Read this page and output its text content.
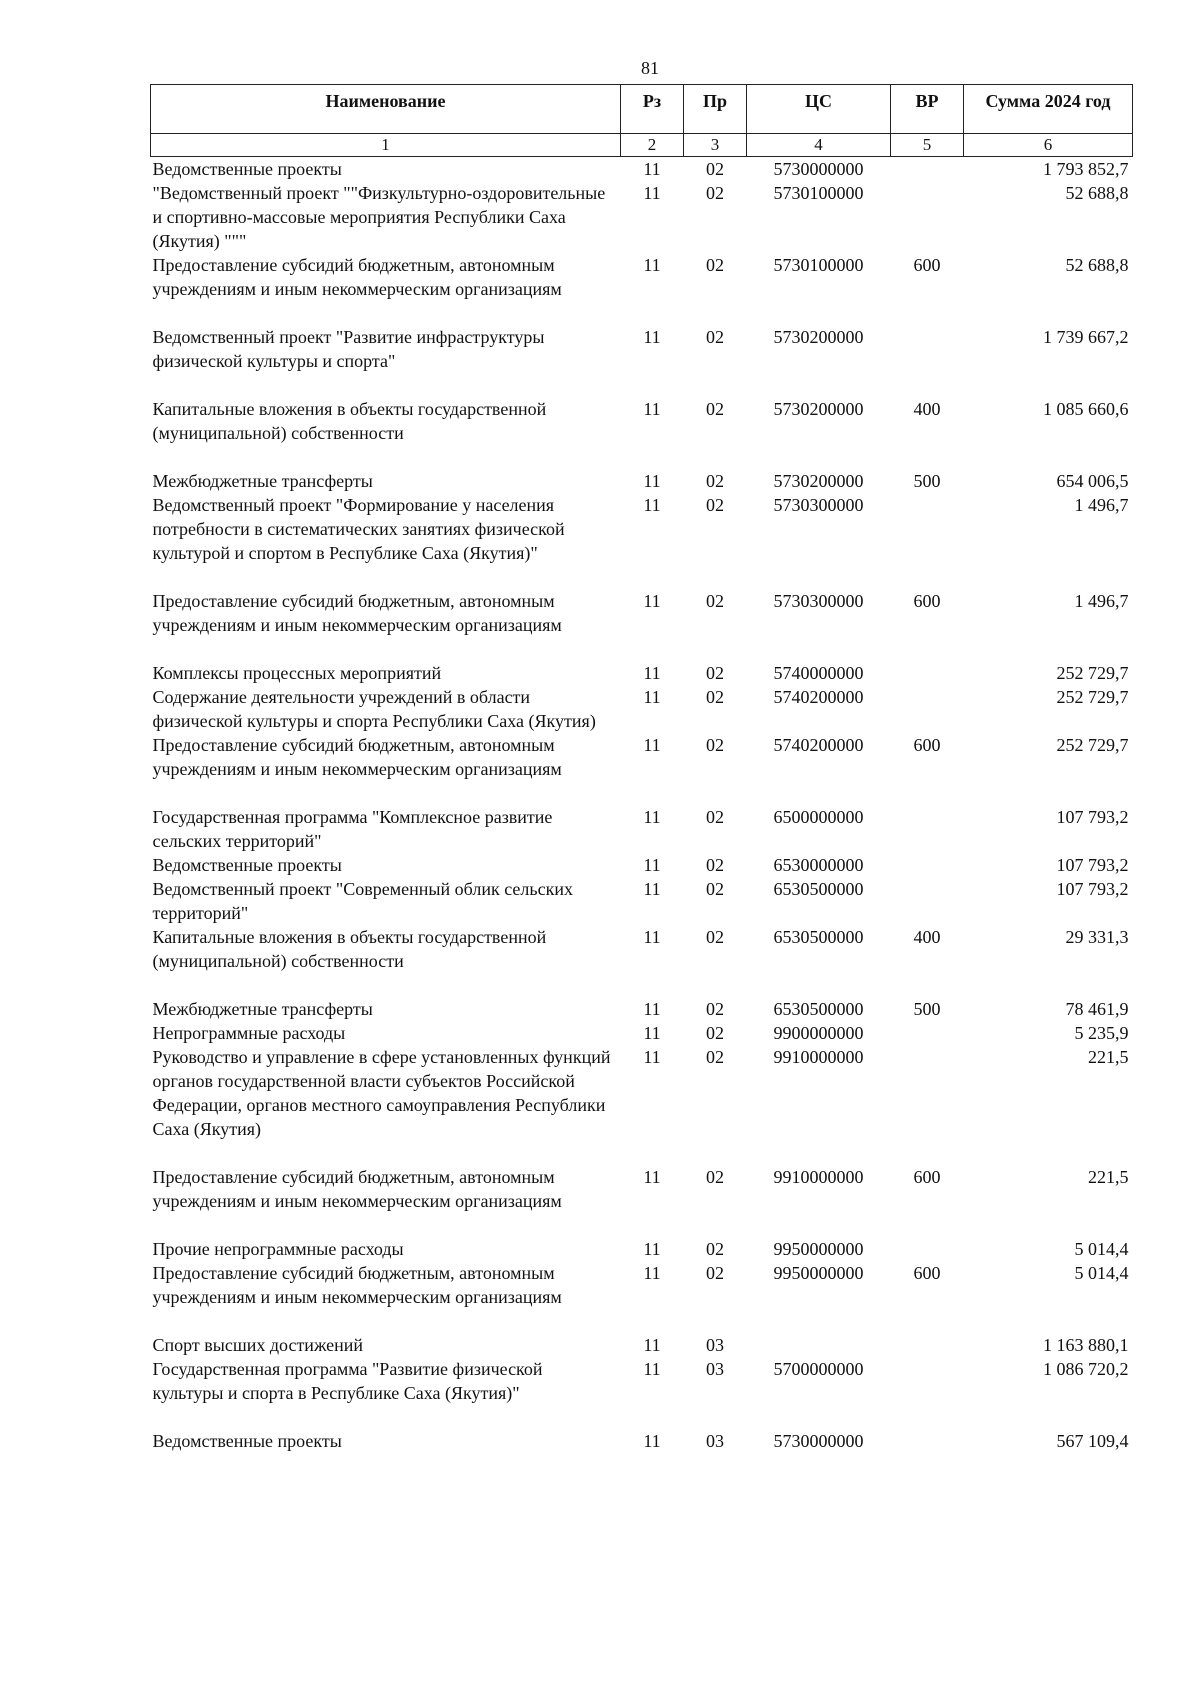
81
Наименование	Рз	Пр	ЦС	ВР	Сумма 2024 год
1	2	3	4	5	6
Ведомственные проекты	11	02	5730000000		1 793 852,7
"Ведомственный проект ""Физкультурно-оздоровительные и спортивно-массовые мероприятия Республики Саха (Якутия) """	11	02	5730100000		52 688,8
Предоставление субсидий бюджетным, автономным учреждениям и иным некоммерческим организациям	11	02	5730100000	600	52 688,8
Ведомственный проект "Развитие инфраструктуры физической культуры и спорта"	11	02	5730200000		1 739 667,2
Капитальные вложения в объекты государственной (муниципальной) собственности	11	02	5730200000	400	1 085 660,6
Межбюджетные трансферты	11	02	5730200000	500	654 006,5
Ведомственный проект "Формирование у населения потребности в систематических занятиях физической культурой и спортом в Республике Саха (Якутия)"	11	02	5730300000		1 496,7
Предоставление субсидий бюджетным, автономным учреждениям и иным некоммерческим организациям	11	02	5730300000	600	1 496,7
Комплексы процессных мероприятий	11	02	5740000000		252 729,7
Содержание деятельности учреждений в области физической культуры и спорта Республики Саха (Якутия)	11	02	5740200000		252 729,7
Предоставление субсидий бюджетным, автономным учреждениям и иным некоммерческим организациям	11	02	5740200000	600	252 729,7
Государственная программа "Комплексное развитие сельских территорий"	11	02	6500000000		107 793,2
Ведомственные проекты	11	02	6530000000		107 793,2
Ведомственный проект "Современный облик сельских территорий"	11	02	6530500000		107 793,2
Капитальные вложения в объекты государственной (муниципальной) собственности	11	02	6530500000	400	29 331,3
Межбюджетные трансферты	11	02	6530500000	500	78 461,9
Непрограммные расходы	11	02	9900000000		5 235,9
Руководство и управление в сфере установленных функций органов государственной власти субъектов Российской Федерации, органов местного самоуправления Республики Саха (Якутия)	11	02	9910000000		221,5
Предоставление субсидий бюджетным, автономным учреждениям и иным некоммерческим организациям	11	02	9910000000	600	221,5
Прочие непрограммные расходы	11	02	9950000000		5 014,4
Предоставление субсидий бюджетным, автономным учреждениям и иным некоммерческим организациям	11	02	9950000000	600	5 014,4
Спорт высших достижений	11	03			1 163 880,1
Государственная программа "Развитие физической культуры и спорта в Республике Саха (Якутия)"	11	03	5700000000		1 086 720,2
Ведомственные проекты	11	03	5730000000		567 109,4
